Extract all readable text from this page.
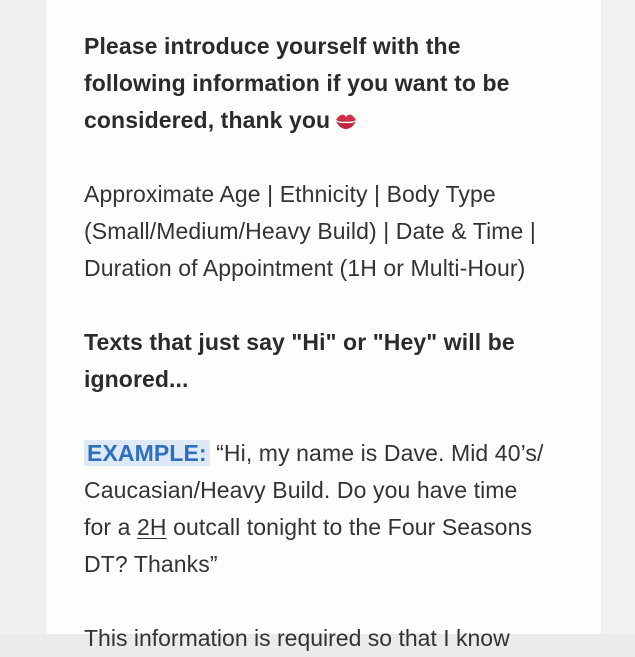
Please introduce yourself with the
following information if you want to be
considered, thank you

Approximate Age | Ethnicity | Body Type
(Small/Medium/Heavy Build) | Date & Time |
Duration of Appointment (1H or Multi-Hour)

Texts that just say "Hi" or "Hey" will be
ignored...

EXAMPLE: “Hi, my name is Dave. Mid 40’s/
Caucasian/Heavy Build. Do you have time
for a 2H outcall tonight to the Four Seasons
DT? Thanks”

This information is required so that I know
